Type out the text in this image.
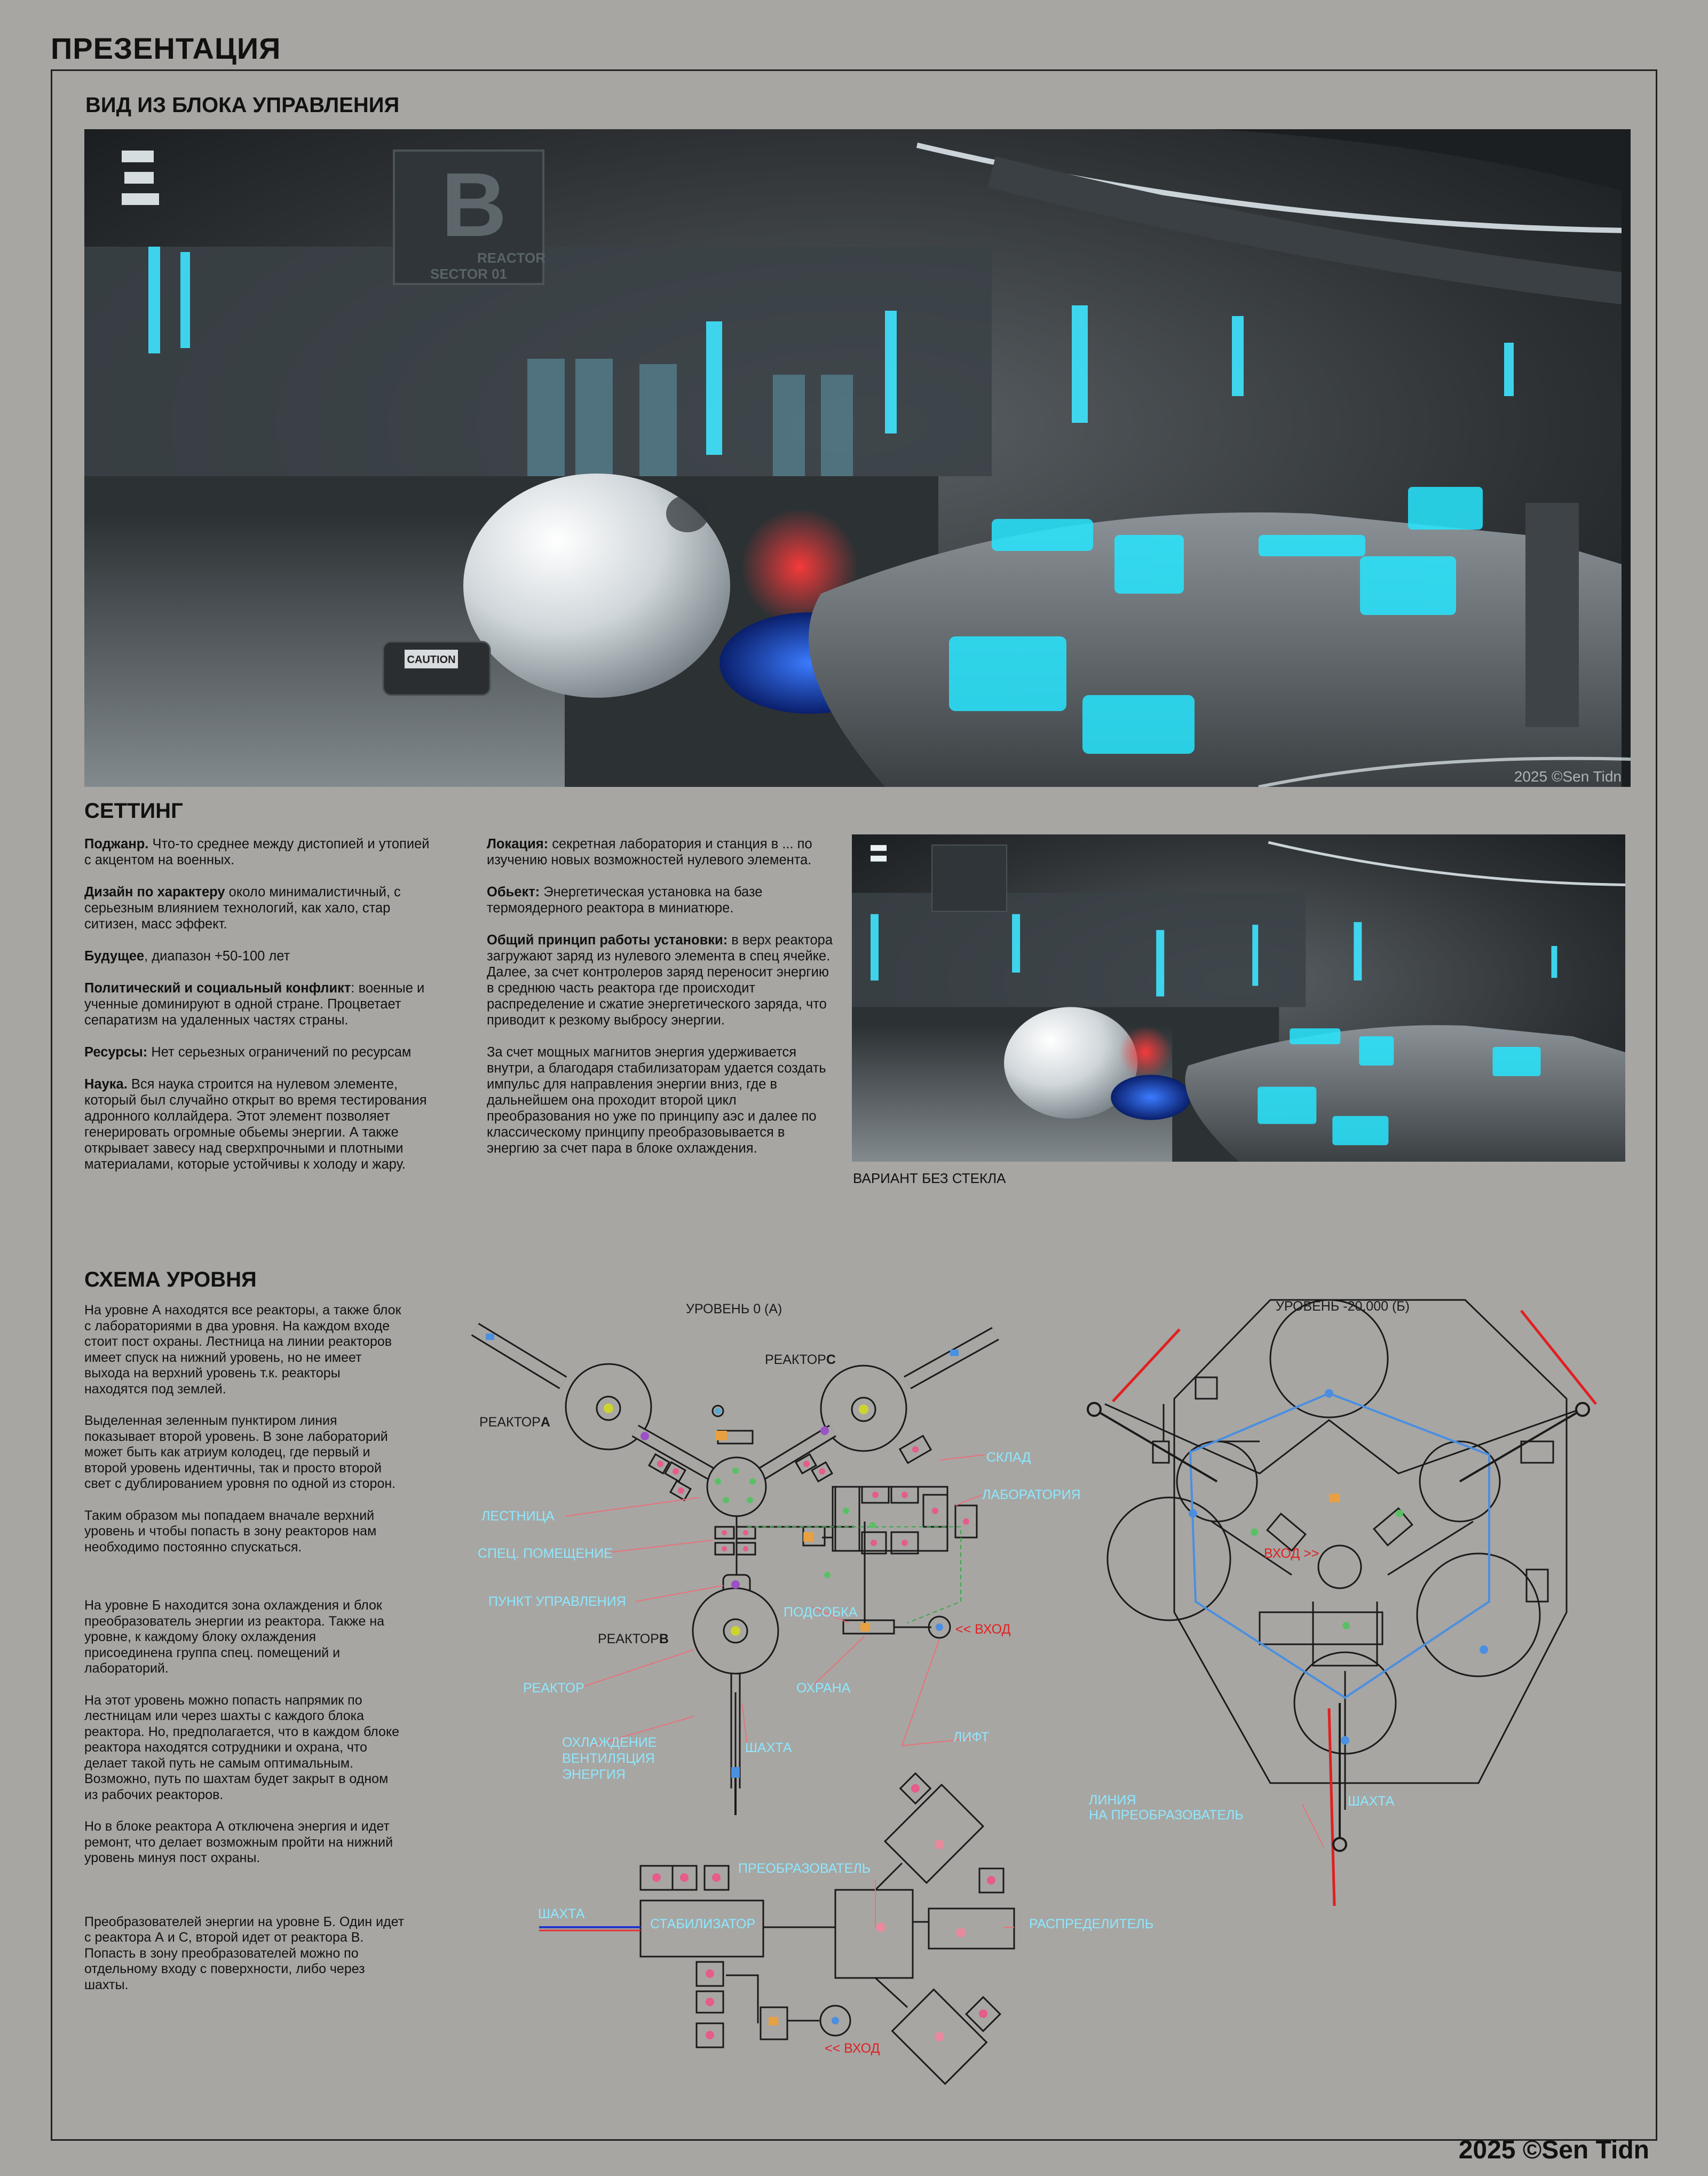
ПРЕЗЕНТАЦИЯ
ВИД ИЗ БЛОКА УПРАВЛЕНИЯ
B
REACTOR
SECTOR 01
CAUTION
2025 ©Sen Tidn
СЕТТИНГ

Поджанр. Что-то среднее между дистопией и утопией с акцентом на военных.

Дизайн по характеру около минималистичный, с серьезным влиянием технологий, как хало, стар ситизен, масс эффект.

Будущее, диапазон +50-100 лет

Политический и социальный конфликт: военные и ученные доминируют в одной стране. Процветает сепаратизм на удаленных частях страны.

Ресурсы: Нет серьезных ограничений по ресурсам

Наука. Вся наука строится на нулевом элементе, который был случайно открыт во время тестирования адронного коллайдера. Этот элемент позволяет генерировать огромные обьемы энергии. А также открывает завесу над сверхпрочными и плотными материалами, которые устойчивы к холоду и жару.

Локация: секретная лаборатория и станция в ... по изучению новых возможностей нулевого элемента.

Обьект: Энергетическая установка на базе термоядерного реактора в миниатюре.

Общий принцип работы установки: в верх реактора загружают заряд из нулевого элемента в спец ячейке. Далее, за счет контролеров заряд переносит энергию в среднюю часть реактора где происходит распределение и сжатие энергетического заряда, что приводит к резкому выбросу энергии.

За счет мощных магнитов энергия удерживается внутри, а благодаря стабилизаторам удается создать импульс для направления энергии вниз, где в дальнейшем она проходит второй цикл преобразования но уже по принципу аэс и далее по классическому принципу преобразовывается в энергию за счет пара в блоке охлаждения.

ВАРИАНТ БЕЗ СТЕКЛА
СХЕМА УРОВНЯ

На уровне А находятся все реакторы, а также блок с лабораториями в два уровня. На каждом входе стоит пост охраны. Лестница на линии реакторов имеет спуск на нижний уровень, но не имеет выхода на верхний уровень т.к. реакторы находятся под землей.

Выделенная зеленным пунктиром линия показывает второй уровень. В зоне лабораторий может быть как атриум колодец, где первый и второй уровень идентичны, так и просто второй свет с дублированием уровня по одной из сторон.

Таким образом мы попадаем вначале верхний уровень и чтобы попасть в зону реакторов нам необходимо постоянно спускаться.

На уровне Б находится зона охлаждения и блок преобразователь энергии из реактора. Также на уровне, к каждому блоку охлаждения присоединена группа спец. помещений и лабораторий.

На этот уровень можно попасть напрямик по лестницам или через шахты с каждого блока реактора. Но, предполагается, что в каждом блоке реактора находятся сотрудники и охрана, что делает такой путь не самым оптимальным. Возможно, путь по шахтам будет закрыт в одном из рабочих реакторов.

Но в блоке реактора А отключена энергия и идет ремонт, что делает возможным пройти на нижний уровень минуя пост охраны.

Преобразователей энергии на уровне Б. Один идет с реактора А и С, второй идет от реактора В. Попасть в зону преобразователей можно по отдельному входу с поверхности, либо через шахты.

УРОВЕНЬ 0 (А)
РЕАКТОРА
РЕАКТОРС
РЕАКТОРВ
ЛЕСТНИЦА
СПЕЦ. ПОМЕЩЕНИЕ
ПУНКТ УПРАВЛЕНИЯ
РЕАКТОР
ОХЛАЖДЕНИЕ
ВЕНТИЛЯЦИЯ
ЭНЕРГИЯ
ШАХТА
СКЛАД
ЛАБОРАТОРИЯ
ПОДСОБКА
ОХРАНА
ЛИФТ
<< ВХОД
УРОВЕНЬ -20,000 (Б)
ВХОД >>
ШАХТА
ЛИНИЯ
НА ПРЕОБРАЗОВАТЕЛЬ
ШАХТА
СТАБИЛИЗАТОР
ПРЕОБРАЗОВАТЕЛЬ
РАСПРЕДЕЛИТЕЛЬ
<< ВХОД
2025 ©Sen Tidn
